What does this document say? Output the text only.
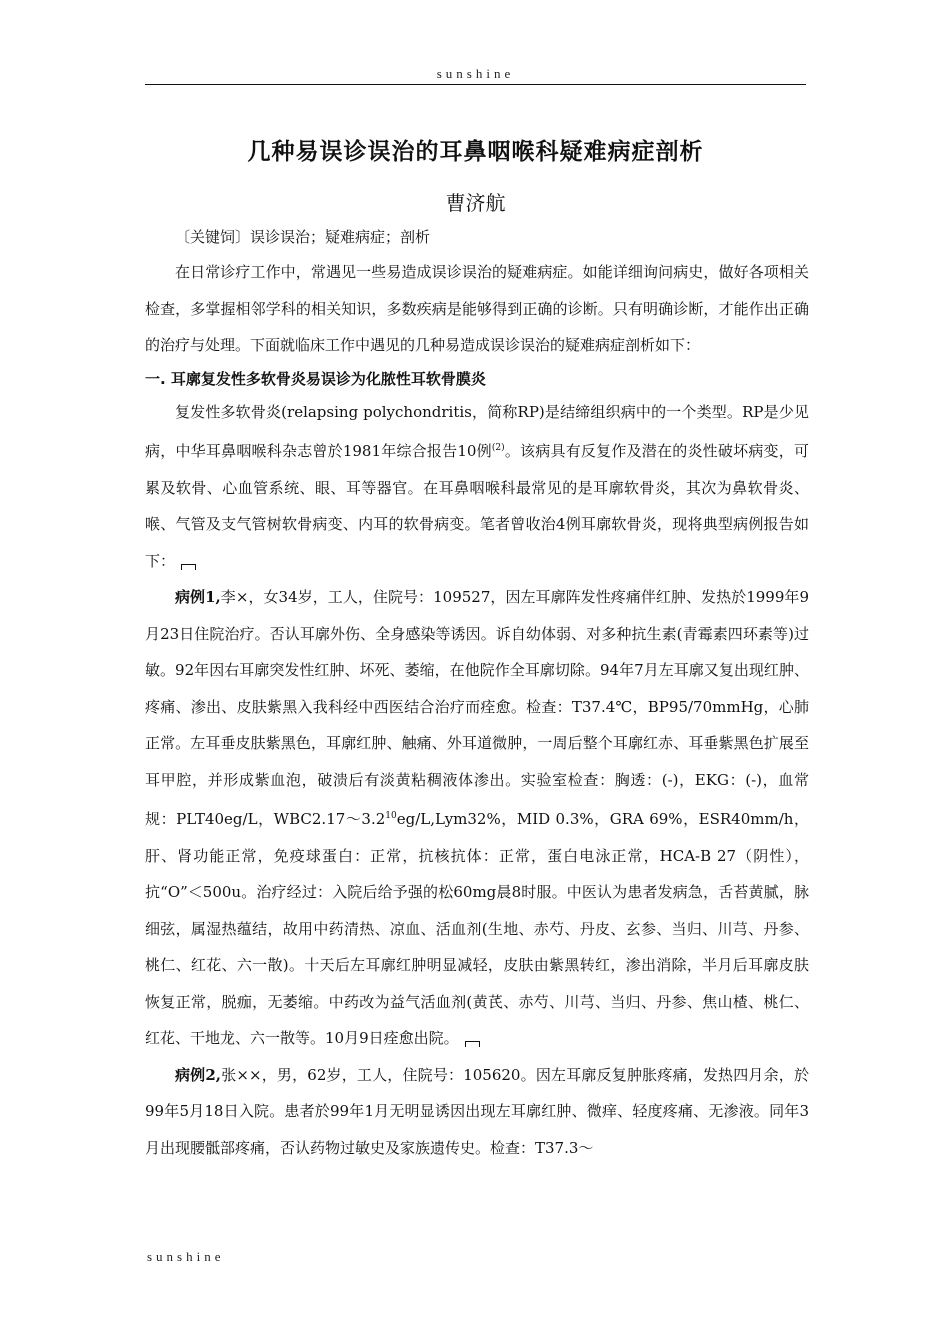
sunshine
几种易误诊误治的耳鼻咽喉科疑难病症剖析
曹济航
〔关键饲〕误诊误治；疑难病症；剖析

在日常诊疗工作中，常遇见一些易造成误诊误治的疑难病症。如能详细询问病史，做好各项相关检查，多掌握相邻学科的相关知识，多数疾病是能够得到正确的诊断。只有明确诊断，才能作出正确的治疗与处理。下面就临床工作中遇见的几种易造成误诊误治的疑难病症剖析如下：

一. 耳廓复发性多软骨炎易误诊为化脓性耳软骨膜炎

复发性多软骨炎(relapsing polychondritis，简称RP)是结缔组织病中的一个类型。RP是少见病，中华耳鼻咽喉科杂志曾於1981年综合报告10例$^{(2)}$。该病具有反复作及潜在的炎性破坏病变，可累及软骨、心血管系统、眼、耳等器官。在耳鼻咽喉科最常见的是耳廓软骨炎，其次为鼻软骨炎、喉、气管及支气管树软骨病变、内耳的软骨病变。笔者曾收治4例耳廓软骨炎，现将典型病例报告如下：

病例1,李×，女34岁，工人，住院号：109527，因左耳廓阵发性疼痛伴红肿、发热於1999年9月23日住院治疗。否认耳廓外伤、全身感染等诱因。诉自幼体弱、对多种抗生素(青霉素四环素等)过敏。92年因右耳廓突发性红肿、坏死、萎缩，在他院作全耳廓切除。94年7月左耳廓又复出现红肿、疼痛、渗出、皮肤紫黑入我科经中西医结合治疗而痊愈。检查：T37.4℃，BP95/70mmHg，心肺正常。左耳垂皮肤紫黑色，耳廓红肿、触痛、外耳道微肿，一周后整个耳廓红赤、耳垂紫黑色扩展至耳甲腔，并形成紫血泡，破溃后有淡黄粘稠液体渗出。实验室检查：胸透：(-)，EKG：(-)，血常规：PLT40eg/L，$WBC2.17\sim 3.2^{10}eg/L,Lym32\%$，MID 0.3%，GRA 69%，ESR40mm/h，肝、肾功能正常，免疫球蛋白：正常，抗核抗体：正常，蛋白电泳正常，HCA-B 27（阴性），抗“O”＜500u。治疗经过：入院后给予强的松60mg晨8时服。中医认为患者发病急，舌苔黄腻，脉细弦，属湿热蕴结，故用中药清热、凉血、活血剂(生地、赤芍、丹皮、玄参、当归、川芎、丹参、桃仁、红花、六一散)。十天后左耳廓红肿明显减轻，皮肤由紫黑转红，渗出消除，半月后耳廓皮肤恢复正常，脱痂，无萎缩。中药改为益气活血剂(黄芪、赤芍、川芎、当归、丹参、焦山楂、桃仁、红花、干地龙、六一散等。10月9日痊愈出院。

病例2,张××，男，62岁，工人，住院号：105620。因左耳廓反复肿胀疼痛，发热四月余，於99年5月18日入院。患者於99年1月无明显诱因出现左耳廓红肿、微痒、轻度疼痛、无渗液。同年3月出现腰骶部疼痛，否认药物过敏史及家族遗传史。检查：T37.3～

sunshine
